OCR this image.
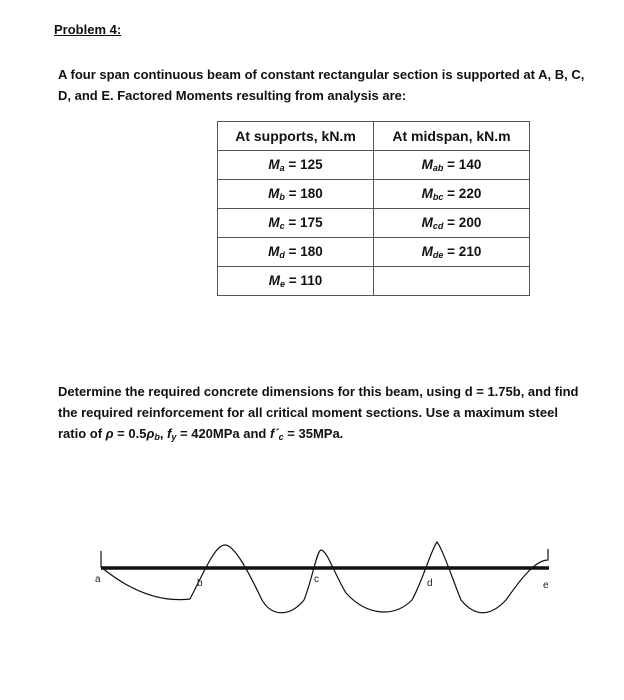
Problem 4:
A four span continuous beam of constant rectangular section is supported at A, B, C, D, and E. Factored Moments resulting from analysis are:
At supports, kN.m	At midspan, kN.m
$M_a = 125$	$M_{ab} = 140$
$M_b = 180$	$M_{bc} = 220$
$M_c = 175$	$M_{cd} = 200$
$M_d = 180$	$M_{de} = 210$
$M_e = 110$	
Determine the required concrete dimensions for this beam, using d = 1.75b, and find
the required reinforcement for all critical moment sections. Use a maximum steel
ratio of $\rho = 0.5\rho_b$, $f_y = 420MPa$ and $f´_c = 35MPa$.
a	b	c	d	e
